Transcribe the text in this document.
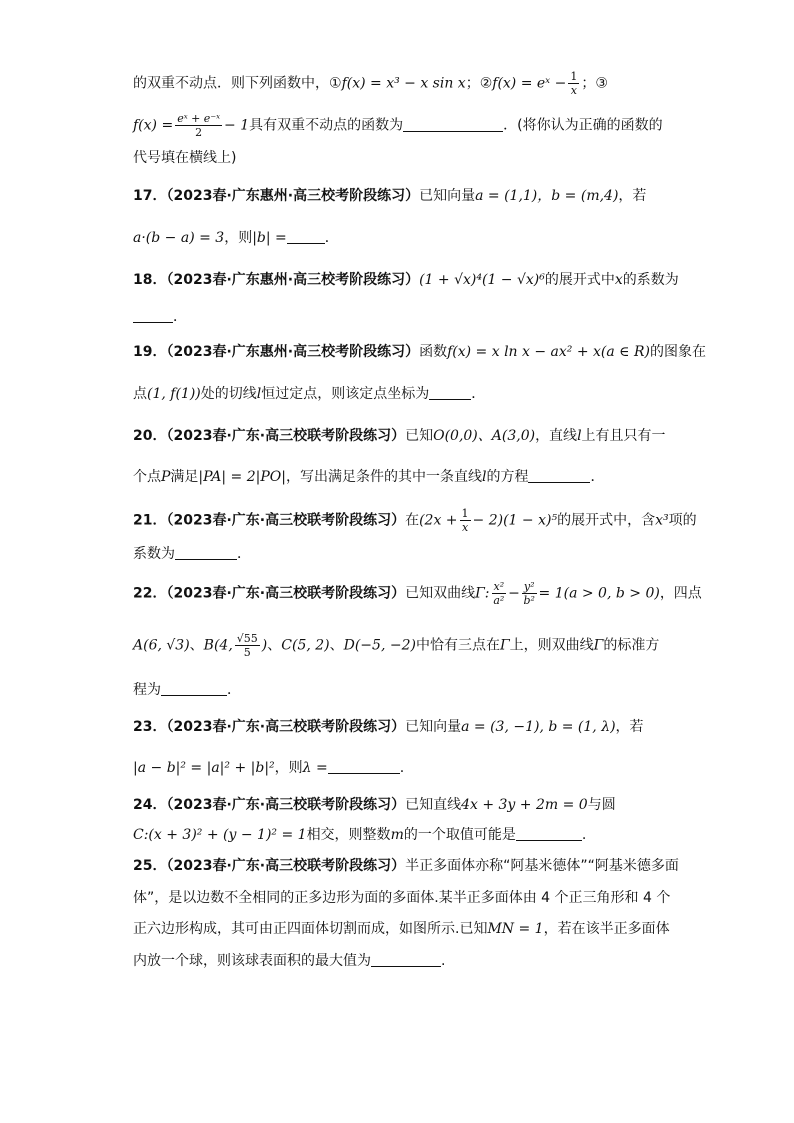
的双重不动点．则下列函数中，①f(x) = x³ − x sin x；②f(x) = eˣ − $\frac{1}{x}$ ；③
$f(x) = \frac{\text{eˣ + e⁻ˣ}}{2} - 1$具有双重不动点的函数为	．(将你认为正确的函数的
代号填在横线上)
17．（2023春·广东惠州·高三校考阶段练习）已知向量a = (1,1)，b = (m,4)，若
a·(b − a) = 3，则|b| =	．
18．（2023春·广东惠州·高三校考阶段练习）(1 + √x)⁴(1 − √x)⁶的展开式中x的系数为
．
19．（2023春·广东惠州·高三校考阶段练习）函数f(x) = x ln x − ax² + x(a ∈ R)的图象在
点(1, f(1))处的切线l恒过定点，则该定点坐标为	．
20．（2023春·广东·高三校联考阶段练习）已知O(0,0)、A(3,0)，直线l上有且只有一
个点P满足|PA| = 2|PO|，写出满足条件的其中一条直线l的方程	．
21．（2023春·广东·高三校联考阶段练习）在$(2x + \frac{1}{x} - 2)(1 - x)^5$的展开式中，含x³项的
系数为	．
22．（2023春·广东·高三校联考阶段练习）已知双曲线Γ: $\frac{\text{x²}}{\text{a²}} - \frac{\text{y²}}{\text{b²}} = 1(a > 0$, b > 0)，四点
A(6, √3)、B(4, $\frac{√55}{5}$ )、C(5, 2)、D(−5, −2)中恰有三点在Γ上，则双曲线Γ的标准方
程为	．
23．（2023春·广东·高三校联考阶段练习）已知向量a = (3, −1), b = (1, λ)，若
|a − b|² = |a|² + |b|²，则λ =	.
24．（2023春·广东·高三校联考阶段练习）已知直线4x + 3y + 2m = 0与圆
C:(x + 3)² + (y − 1)² = 1相交，则整数m的一个取值可能是	.
25．（2023春·广东·高三校联考阶段练习）半正多面体亦称“阿基米德体”“阿基米德多面
体”，是以边数不全相同的正多边形为面的多面体.某半正多面体由 4 个正三角形和 4 个
正六边形构成，其可由正四面体切割而成，如图所示.已知MN = 1，若在该半正多面体
内放一个球，则该球表面积的最大值为	.
